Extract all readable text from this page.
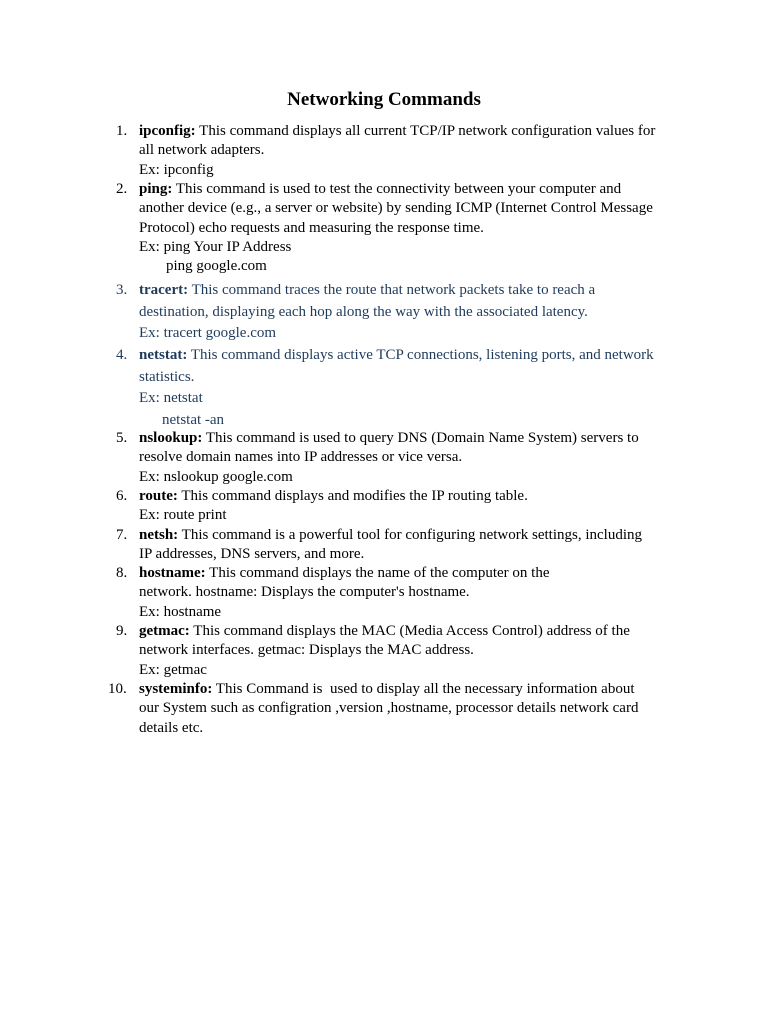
Networking Commands
1. ipconfig: This command displays all current TCP/IP network configuration values for
all network adapters.
Ex: ipconfig
2. ping: This command is used to test the connectivity between your computer and
another device (e.g., a server or website) by sending ICMP (Internet Control Message
Protocol) echo requests and measuring the response time.
Ex: ping Your IP Address
ping google.com
3. tracert: This command traces the route that network packets take to reach a
destination, displaying each hop along the way with the associated latency.
Ex: tracert google.com
4. netstat: This command displays active TCP connections, listening ports, and network
statistics.
Ex: netstat
netstat -an
5. nslookup: This command is used to query DNS (Domain Name System) servers to
resolve domain names into IP addresses or vice versa.
Ex: nslookup google.com
6. route: This command displays and modifies the IP routing table.
Ex: route print
7. netsh: This command is a powerful tool for configuring network settings, including
IP addresses, DNS servers, and more.
8. hostname: This command displays the name of the computer on the
network. hostname: Displays the computer's hostname.
Ex: hostname
9. getmac: This command displays the MAC (Media Access Control) address of the
network interfaces. getmac: Displays the MAC address.
Ex: getmac
10. systeminfo: This Command is  used to display all the necessary information about
our System such as configration ,version ,hostname, processor details network card
details etc.
